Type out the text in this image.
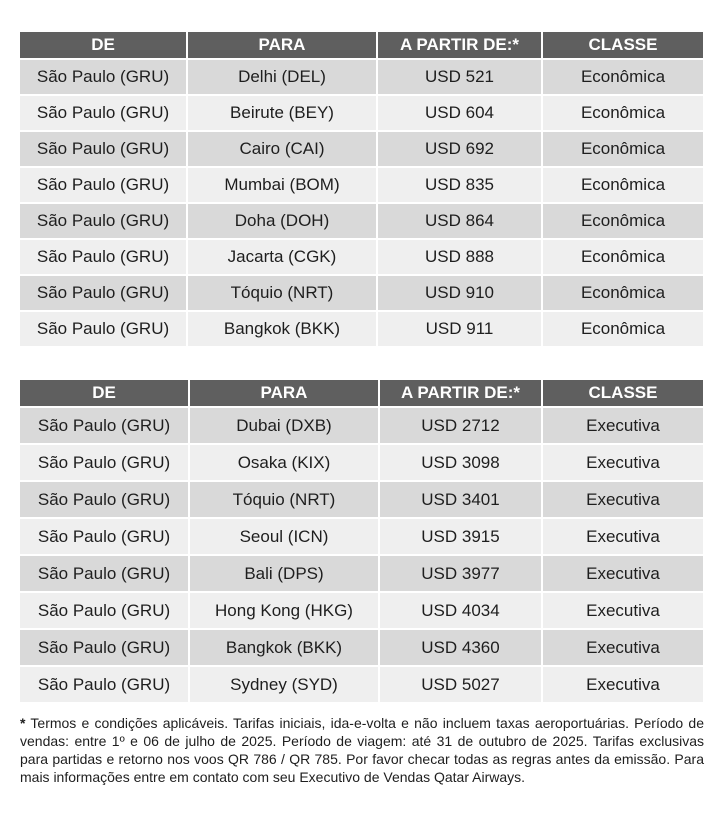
DE	PARA	A PARTIR DE:*	CLASSE
São Paulo (GRU)	Delhi (DEL)	USD 521	Econômica
São Paulo (GRU)	Beirute (BEY)	USD 604	Econômica
São Paulo (GRU)	Cairo (CAI)	USD 692	Econômica
São Paulo (GRU)	Mumbai (BOM)	USD 835	Econômica
São Paulo (GRU)	Doha (DOH)	USD 864	Econômica
São Paulo (GRU)	Jacarta (CGK)	USD 888	Econômica
São Paulo (GRU)	Tóquio (NRT)	USD 910	Econômica
São Paulo (GRU)	Bangkok (BKK)	USD 911	Econômica
DE	PARA	A PARTIR DE:*	CLASSE
São Paulo (GRU)	Dubai (DXB)	USD 2712	Executiva
São Paulo (GRU)	Osaka (KIX)	USD 3098	Executiva
São Paulo (GRU)	Tóquio (NRT)	USD 3401	Executiva
São Paulo (GRU)	Seoul (ICN)	USD 3915	Executiva
São Paulo (GRU)	Bali (DPS)	USD 3977	Executiva
São Paulo (GRU)	Hong Kong (HKG)	USD 4034	Executiva
São Paulo (GRU)	Bangkok (BKK)	USD 4360	Executiva
São Paulo (GRU)	Sydney (SYD)	USD 5027	Executiva
* Termos e condições aplicáveis. Tarifas iniciais, ida-e-volta e não incluem taxas aeroportuárias. Período de vendas: entre 1º e 06 de julho de 2025. Período de viagem: até 31 de outubro de 2025. Tarifas exclusivas para partidas e retorno nos voos QR 786 / QR 785. Por favor checar todas as regras antes da emissão. Para mais informações entre em contato com seu Executivo de Vendas Qatar Airways.
